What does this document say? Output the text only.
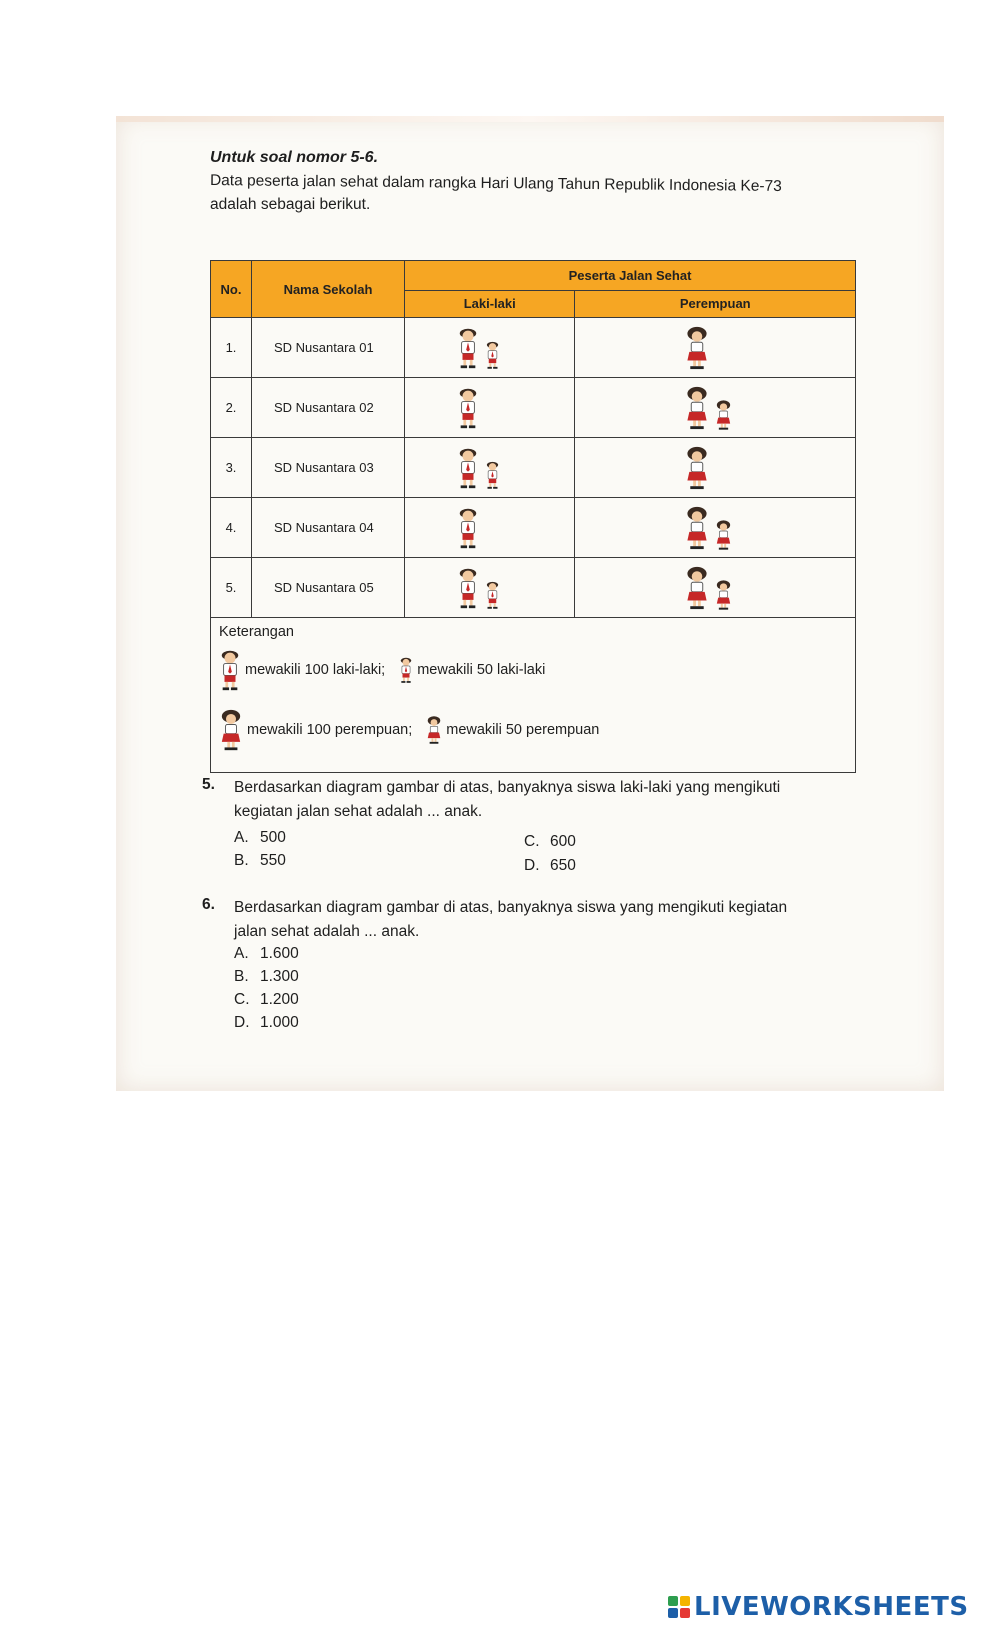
Untuk soal nomor 5-6.
Data peserta jalan sehat dalam rangka Hari Ulang Tahun Republik Indonesia Ke-73
adalah sebagai berikut.
No.	Nama Sekolah	Peserta Jalan Sehat	
		Laki-laki	Perempuan
1.	SD Nusantara 01	

2.	SD Nusantara 02	

3.	SD Nusantara 03	

4.	SD Nusantara 04	

5.	SD Nusantara 05	

Keterangan
mewakili 100 laki-laki; mewakili 50 laki-laki
mewakili 100 perempuan; mewakili 50 perempuan			
5. Berdasarkan diagram gambar di atas, banyaknya siswa laki-laki yang mengikuti kegiatan jalan sehat adalah ... anak.
A. 500
B. 550
C. 600
D. 650
6. Berdasarkan diagram gambar di atas, banyaknya siswa yang mengikuti kegiatan jalan sehat adalah ... anak.
A. 1.600
B. 1.300
C. 1.200
D. 1.000
LIVEWORKSHEETS
